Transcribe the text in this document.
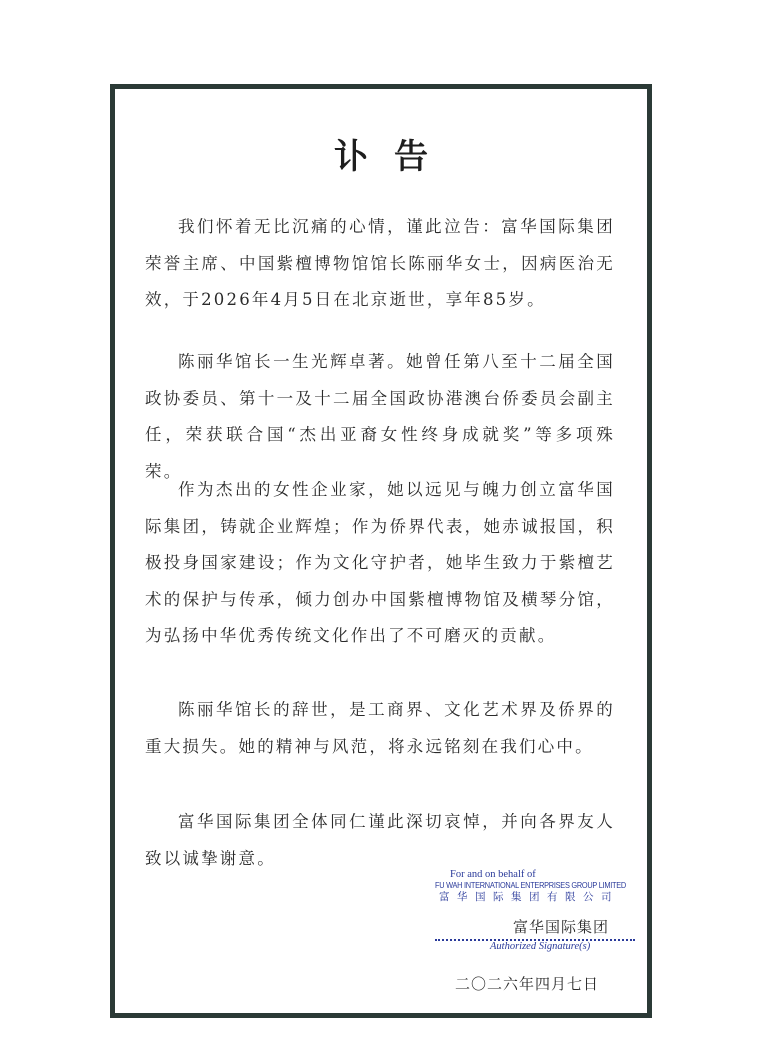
讣告

我们怀着无比沉痛的心情，谨此泣告：富华国际集团荣誉主席、中国紫檀博物馆馆长陈丽华女士，因病医治无效，于2026年4月5日在北京逝世，享年85岁。

陈丽华馆长一生光辉卓著。她曾任第八至十二届全国政协委员、第十一及十二届全国政协港澳台侨委员会副主任，荣获联合国“杰出亚裔女性终身成就奖”等多项殊荣。

作为杰出的女性企业家，她以远见与魄力创立富华国际集团，铸就企业辉煌；作为侨界代表，她赤诚报国，积极投身国家建设；作为文化守护者，她毕生致力于紫檀艺术的保护与传承，倾力创办中国紫檀博物馆及横琴分馆，为弘扬中华优秀传统文化作出了不可磨灭的贡献。

陈丽华馆长的辞世，是工商界、文化艺术界及侨界的重大损失。她的精神与风范，将永远铭刻在我们心中。

富华国际集团全体同仁谨此深切哀悼，并向各界友人致以诚挚谢意。

For and on behalf of
FU WAH INTERNATIONAL ENTERPRISES GROUP LIMITED
富华国际集团有限公司
富华国际集团
Authorized Signature(s)
二〇二六年四月七日
